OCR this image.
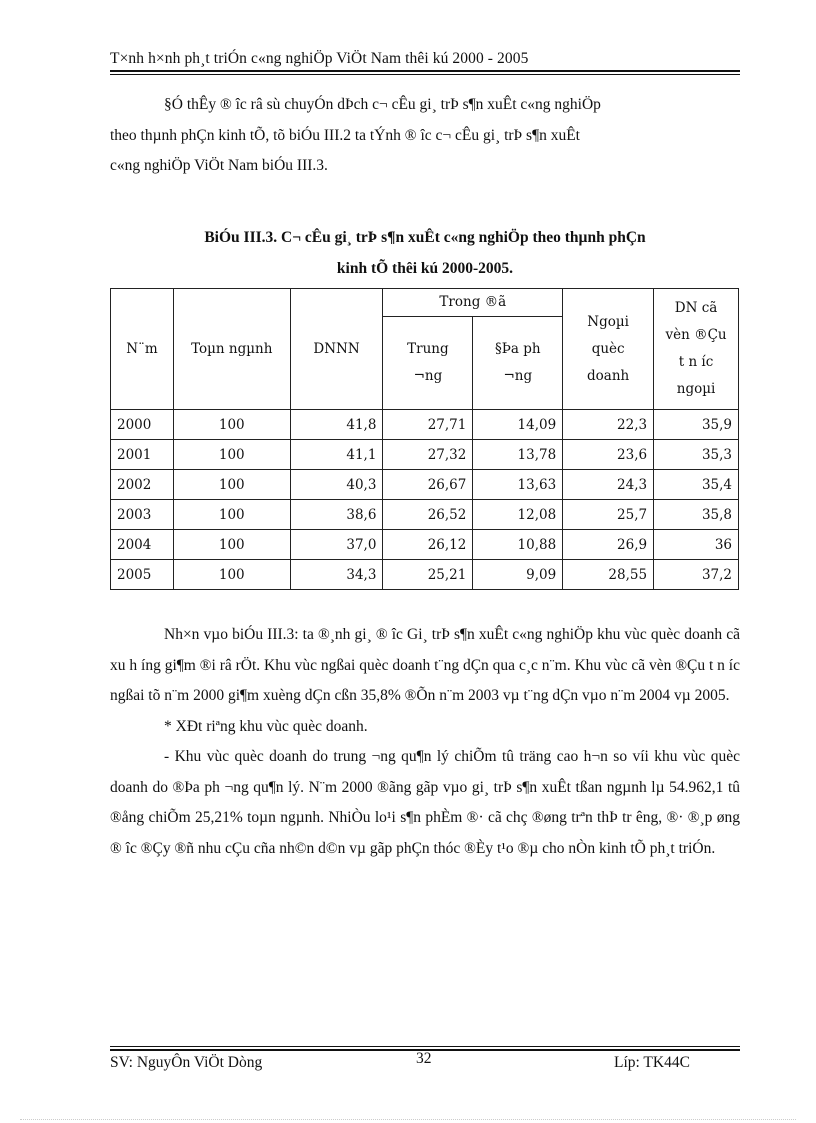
T×nh h×nh ph¸t triÓn c«ng nghiÖp ViÖt Nam thêi kú 2000 - 2005

§Ó thÊy ® îc râ sù chuyÓn dÞch c¬ cÊu gi¸ trÞ s¶n xuÊt c«ng nghiÖp

theo thµnh phÇn kinh tÕ, tõ biÓu III.2 ta tÝnh ® îc c¬ cÊu gi¸ trÞ s¶n xuÊt

c«ng nghiÖp ViÖt Nam biÓu III.3.

BiÓu III.3. C¬ cÊu gi¸ trÞ s¶n xuÊt c«ng nghiÖp theo thµnh phÇn
kinh tÕ thêi kú 2000-2005.
N¨m	Toµn ngµnh	DNNN	Trong ®ã		Ngoµi quèc doanh	DN cã vèn ®Çu t n íc ngoµi
			Trung ¬ng	§Þa ph ¬ng		
2000	100	41,8	27,71	14,09	22,3	35,9
2001	100	41,1	27,32	13,78	23,6	35,3
2002	100	40,3	26,67	13,63	24,3	35,4
2003	100	38,6	26,52	12,08	25,7	35,8
2004	100	37,0	26,12	10,88	26,9	36
2005	100	34,3	25,21	9,09	28,55	37,2

Nh×n vµo biÓu III.3: ta ®¸nh gi¸ ® îc Gi¸ trÞ s¶n xuÊt c«ng nghiÖp khu vùc quèc doanh cã xu h íng gi¶m ®i râ rÖt. Khu vùc ngßai quèc doanh t¨ng dÇn qua c¸c n¨m. Khu vùc cã vèn ®Çu t n íc ngßai tõ n¨m 2000 gi¶m xuèng dÇn cßn 35,8% ®Õn n¨m 2003 vµ t¨ng dÇn vµo n¨m 2004 vµ 2005.

* XÐt riªng khu vùc quèc doanh.

- Khu vùc quèc doanh do trung ¬ng qu¶n lý chiÕm tû träng cao h¬n so víi khu vùc quèc doanh do ®Þa ph ¬ng qu¶n lý. N¨m 2000 ®ãng gãp vµo gi¸ trÞ s¶n xuÊt tßan ngµnh lµ 54.962,1 tû ®ång chiÕm 25,21% toµn ngµnh. NhiÒu lo¹i s¶n phÈm ®· cã chç ®øng trªn thÞ tr êng, ®· ®¸p øng ® îc ®Çy ®ñ nhu cÇu cña nh©n d©n vµ gãp phÇn thóc ®Èy t¹o ®µ cho nÒn kinh tÕ ph¸t triÓn.

SV: NguyÔn ViÖt Dòng	32	Líp: TK44C
